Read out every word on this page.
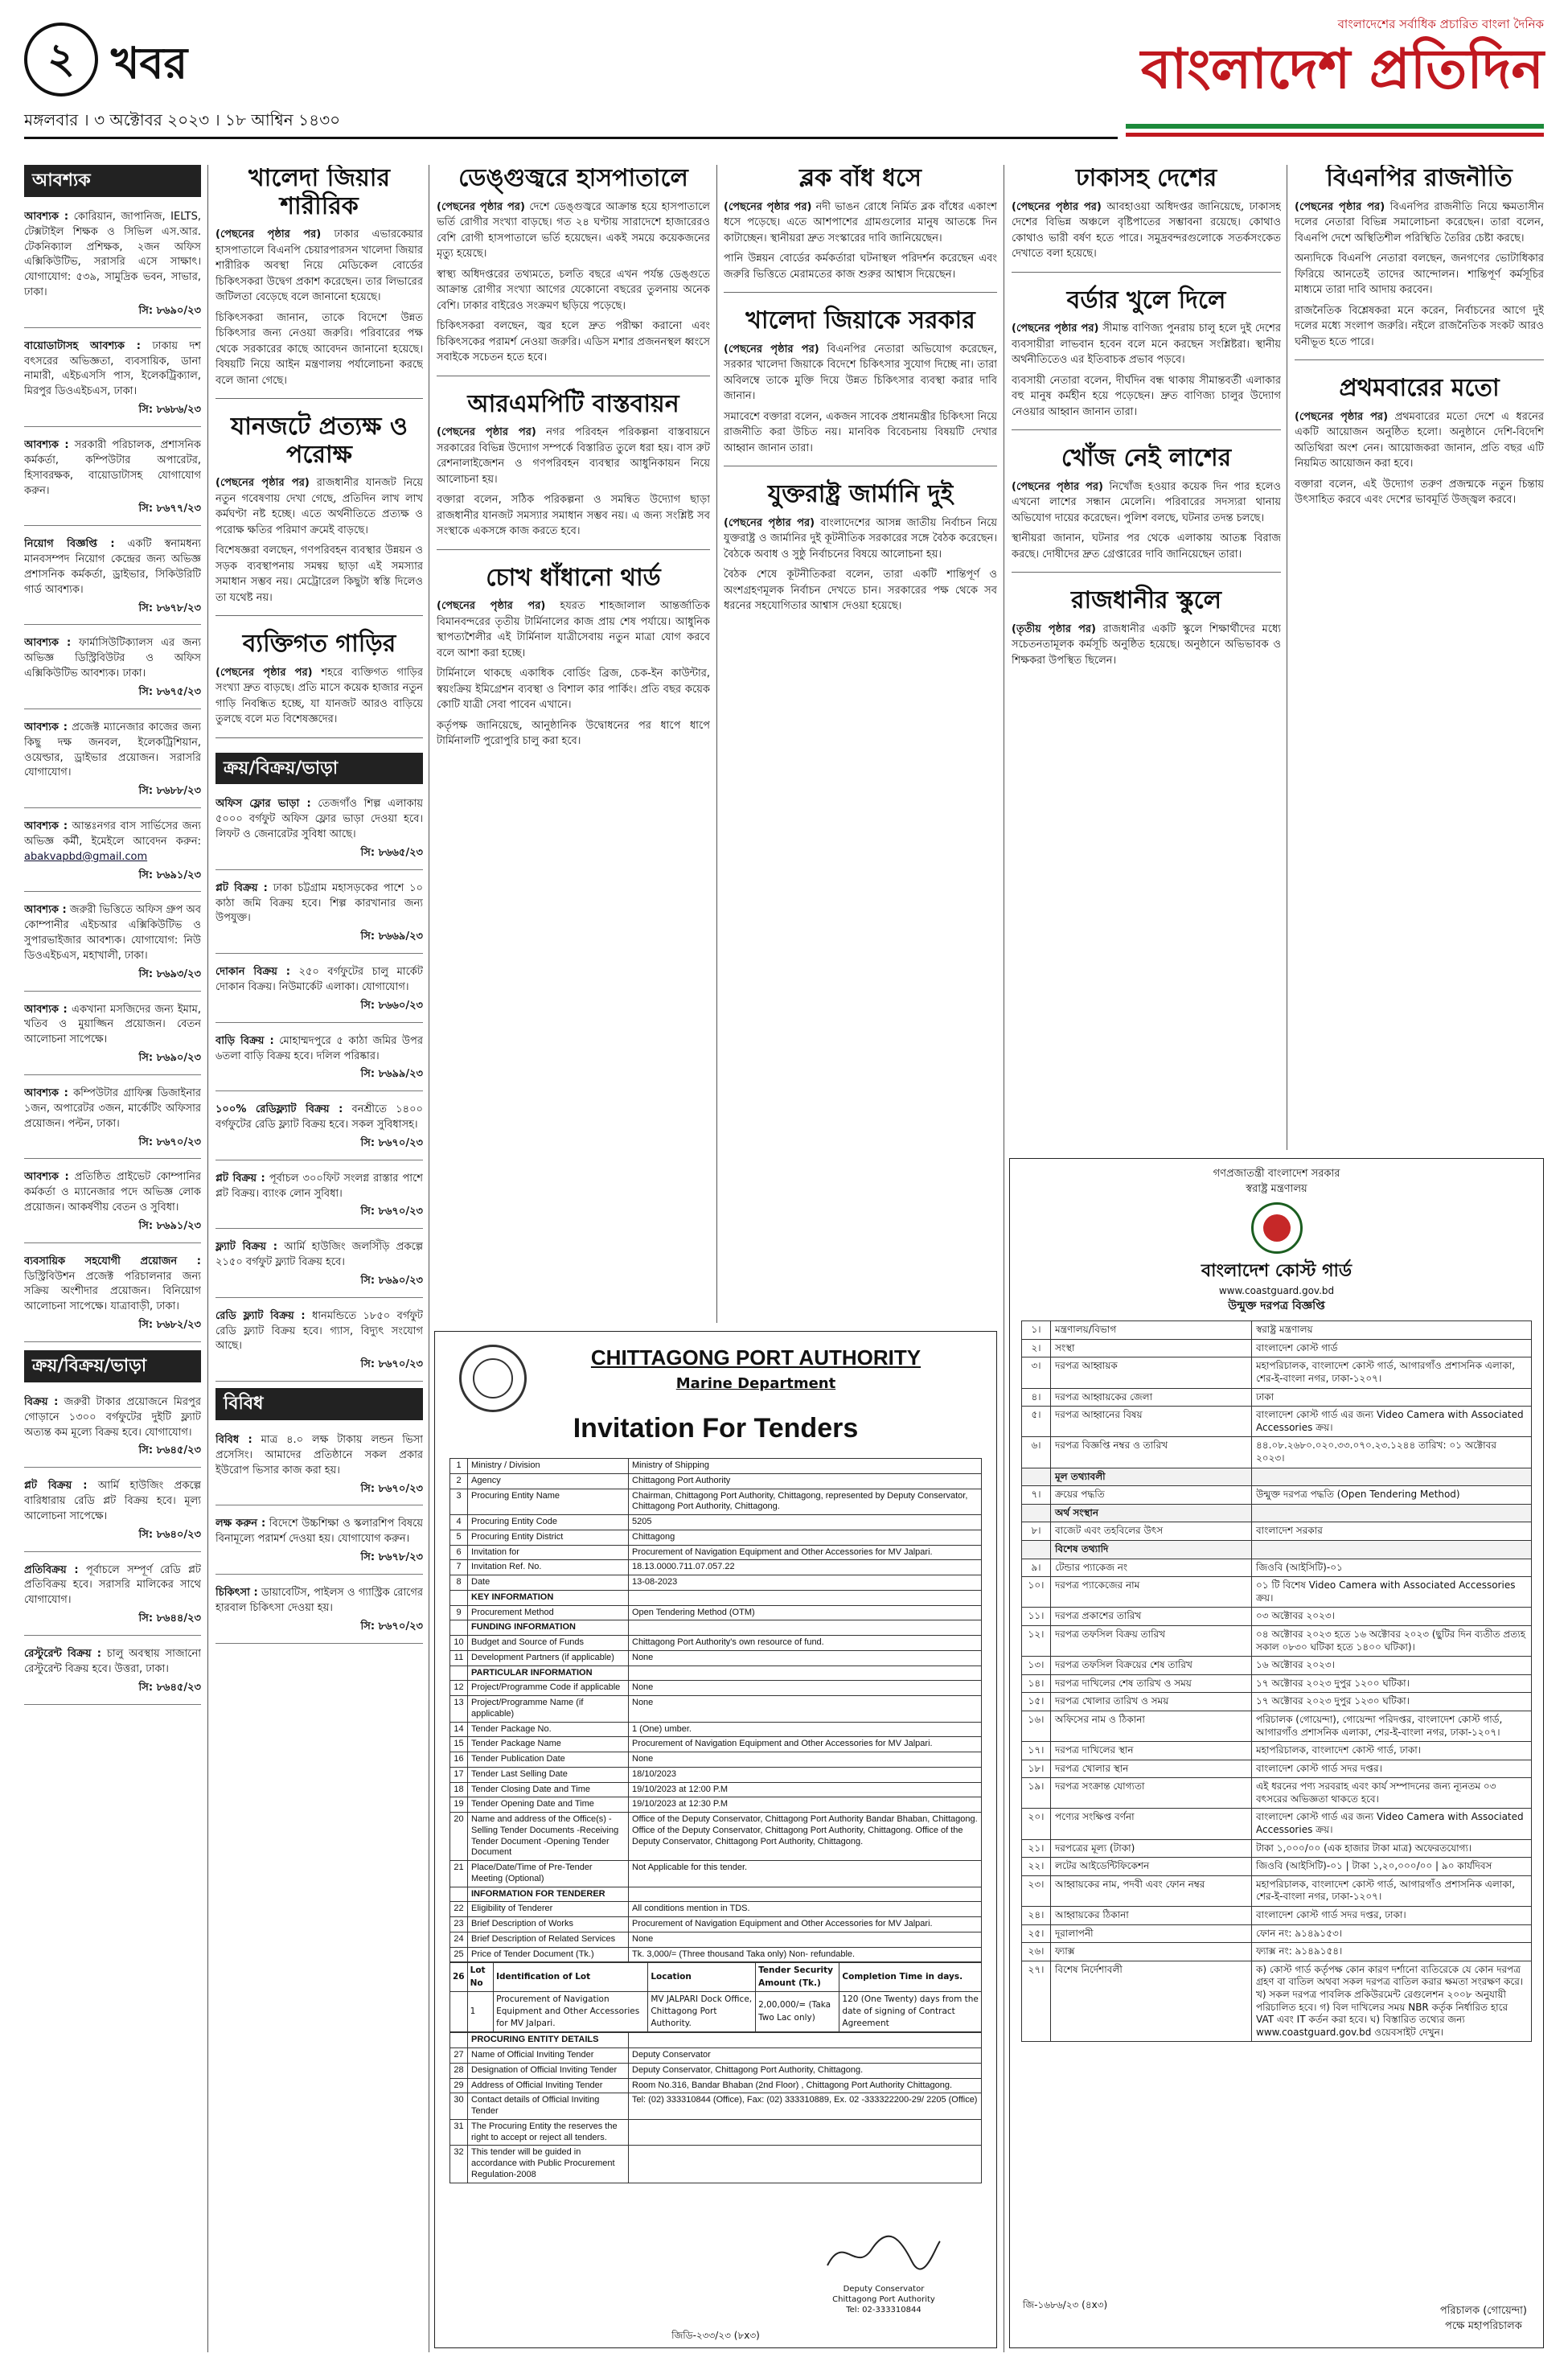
২ খবর
মঙ্গলবার । ৩ অক্টোবর ২০২৩ । ১৮ আশ্বিন ১৪৩০
বাংলাদেশের সর্বাধিক প্রচারিত বাংলা দৈনিক
বাংলাদেশ প্রতিদিন
আবশ্যক
আবশ্যক : কোরিয়ান, জাপানিজ, IELTS, টেক্সটাইল শিক্ষক ও সিভিল এস.আর. টেকনিক্যাল প্রশিক্ষক, ২জন অফিস এক্সিকিউটিভ, সরাসরি এসে সাক্ষাৎ। যোগাযোগ: ৫৩৯, সামুদ্রিক ভবন, সাভার, ঢাকা।
সি: ৮৬৯০/২৩
বায়োডাটাসহ আবশ্যক : ঢাকায় দশ বৎসরের অভিজ্ঞতা, ব্যবসায়িক, ডানা নামারী, এইচএসসি পাস, ইলেকট্রিক্যাল, মিরপুর ডিওএইচএস, ঢাকা।
সি: ৮৬৮৬/২৩
আবশ্যক : সরকারী পরিচালক, প্রশাসনিক কর্মকর্তা, কম্পিউটার অপারেটর, হিসাবরক্ষক, বায়োডাটাসহ যোগাযোগ করুন।
সি: ৮৬৭৭/২৩
নিয়োগ বিজ্ঞপ্তি : একটি স্বনামধন্য মানবসম্পদ নিয়োগ কেন্দ্রের জন্য অভিজ্ঞ প্রশাসনিক কর্মকর্তা, ড্রাইভার, সিকিউরিটি গার্ড আবশ্যক।
সি: ৮৬৭৮/২৩
আবশ্যক : ফার্মাসিউটিক্যালস এর জন্য অভিজ্ঞ ডিস্ট্রিবিউটর ও অফিস এক্সিকিউটিভ আবশ্যক। ঢাকা।
সি: ৮৬৭৫/২৩
আবশ্যক : প্রজেক্ট ম্যানেজার কাজের জন্য কিছু দক্ষ জনবল, ইলেকট্রিশিয়ান, ওয়েল্ডার, ড্রাইভার প্রয়োজন। সরাসরি যোগাযোগ।
সি: ৮৬৮৮/২৩
আবশ্যক : আন্তঃনগর বাস সার্ভিসের জন্য অভিজ্ঞ কর্মী, ইমেইলে আবেদন করুন: abakvapbd@gmail.com
সি: ৮৬৯১/২৩
আবশ্যক : জরুরী ভিত্তিতে অফিস গ্রুপ অব কোম্পানীর এইচআর এক্সিকিউটিভ ও সুপারভাইজার আবশ্যক। যোগাযোগ: নিউ ডিওএইচএস, মহাখালী, ঢাকা।
সি: ৮৬৯৩/২৩
আবশ্যক : একখানা মসজিদের জন্য ইমাম, খতিব ও মুয়াজ্জিন প্রয়োজন। বেতন আলোচনা সাপেক্ষে।
সি: ৮৬৯০/২৩
আবশ্যক : কম্পিউটার গ্রাফিক্স ডিজাইনার ১জন, অপারেটর ৩জন, মার্কেটিং অফিসার প্রয়োজন। পল্টন, ঢাকা।
সি: ৮৬৭০/২৩
আবশ্যক : প্রতিষ্ঠিত প্রাইভেট কোম্পানির কর্মকর্তা ও ম্যানেজার পদে অভিজ্ঞ লোক প্রয়োজন। আকর্ষণীয় বেতন ও সুবিধা।
সি: ৮৬৯১/২৩
ব্যবসায়িক সহযোগী প্রয়োজন : ডিস্ট্রিবিউশন প্রজেক্ট পরিচালনার জন্য সক্রিয় অংশীদার প্রয়োজন। বিনিয়োগ আলোচনা সাপেক্ষে। যাত্রাবাড়ী, ঢাকা।
সি: ৮৬৮২/২৩
ক্রয়/বিক্রয়/ভাড়া
বিক্রয় : জরুরী টাকার প্রয়োজনে মিরপুর গোড়ানে ১৩০০ বর্গফুটের দুইটি ফ্ল্যাট অত্যন্ত কম মূল্যে বিক্রয় হবে। যোগাযোগ।
সি: ৮৬৪৫/২৩
প্লট বিক্রয় : আর্মি হাউজিং প্রকল্পে বারিধারায় রেডি প্লট বিক্রয় হবে। মূল্য আলোচনা সাপেক্ষে।
সি: ৮৬৪০/২৩
প্রতিবিক্রয় : পূর্বাচলে সম্পূর্ণ রেডি প্লট প্রতিবিক্রয় হবে। সরাসরি মালিকের সাথে যোগাযোগ।
সি: ৮৬৪৪/২৩
রেস্টুরেন্ট বিক্রয় : চালু অবস্থায় সাজানো রেস্টুরেন্ট বিক্রয় হবে। উত্তরা, ঢাকা।
সি: ৮৬৪৫/২৩
খালেদা জিয়ার শারীরিক

(পেছনের পৃষ্ঠার পর) ঢাকার এভারকেয়ার হাসপাতালে বিএনপি চেয়ারপারসন খালেদা জিয়ার শারীরিক অবস্থা নিয়ে মেডিকেল বোর্ডের চিকিৎসকরা উদ্বেগ প্রকাশ করেছেন। তার লিভারের জটিলতা বেড়েছে বলে জানানো হয়েছে।

চিকিৎসকরা জানান, তাকে বিদেশে উন্নত চিকিৎসার জন্য নেওয়া জরুরি। পরিবারের পক্ষ থেকে সরকারের কাছে আবেদন জানানো হয়েছে। বিষয়টি নিয়ে আইন মন্ত্রণালয় পর্যালোচনা করছে বলে জানা গেছে।

যানজটে প্রত্যক্ষ ও পরোক্ষ

(পেছনের পৃষ্ঠার পর) রাজধানীর যানজট নিয়ে নতুন গবেষণায় দেখা গেছে, প্রতিদিন লাখ লাখ কর্মঘণ্টা নষ্ট হচ্ছে। এতে অর্থনীতিতে প্রত্যক্ষ ও পরোক্ষ ক্ষতির পরিমাণ ক্রমেই বাড়ছে।

বিশেষজ্ঞরা বলছেন, গণপরিবহন ব্যবস্থার উন্নয়ন ও সড়ক ব্যবস্থাপনায় সমন্বয় ছাড়া এই সমস্যার সমাধান সম্ভব নয়। মেট্রোরেল কিছুটা স্বস্তি দিলেও তা যথেষ্ট নয়।

ব্যক্তিগত গাড়ির

(পেছনের পৃষ্ঠার পর) শহরে ব্যক্তিগত গাড়ির সংখ্যা দ্রুত বাড়ছে। প্রতি মাসে কয়েক হাজার নতুন গাড়ি নিবন্ধিত হচ্ছে, যা যানজট আরও বাড়িয়ে তুলছে বলে মত বিশেষজ্ঞদের।

ক্রয়/বিক্রয়/ভাড়া
অফিস ফ্লোর ভাড়া : তেজগাঁও শিল্প এলাকায় ৫০০০ বর্গফুট অফিস ফ্লোর ভাড়া দেওয়া হবে। লিফট ও জেনারেটর সুবিধা আছে।
সি: ৮৬৬৫/২৩
প্লট বিক্রয় : ঢাকা চট্টগ্রাম মহাসড়কের পাশে ১০ কাঠা জমি বিক্রয় হবে। শিল্প কারখানার জন্য উপযুক্ত।
সি: ৮৬৬৯/২৩
দোকান বিক্রয় : ২৫০ বর্গফুটের চালু মার্কেট দোকান বিক্রয়। নিউমার্কেট এলাকা। যোগাযোগ।
সি: ৮৬৬০/২৩
বাড়ি বিক্রয় : মোহাম্মদপুরে ৫ কাঠা জমির উপর ৬তলা বাড়ি বিক্রয় হবে। দলিল পরিষ্কার।
সি: ৮৬৯৯/২৩
১০০% রেডিফ্ল্যাট বিক্রয় : বনশ্রীতে ১৪০০ বর্গফুটের রেডি ফ্ল্যাট বিক্রয় হবে। সকল সুবিধাসহ।
সি: ৮৬৭০/২৩
প্লট বিক্রয় : পূর্বাচল ৩০০ফিট সংলগ্ন রাস্তার পাশে প্লট বিক্রয়। ব্যাংক লোন সুবিধা।
সি: ৮৬৭০/২৩
ফ্ল্যাট বিক্রয় : আর্মি হাউজিং জলসিঁড়ি প্রকল্পে ২১৫০ বর্গফুট ফ্ল্যাট বিক্রয় হবে।
সি: ৮৬৯০/২৩
রেডি ফ্ল্যাট বিক্রয় : ধানমন্ডিতে ১৮৫০ বর্গফুট রেডি ফ্ল্যাট বিক্রয় হবে। গ্যাস, বিদ্যুৎ সংযোগ আছে।
সি: ৮৬৭০/২৩
বিবিধ
বিবিধ : মাত্র ৪.০ লক্ষ টাকায় লন্ডন ভিসা প্রসেসিং। আমাদের প্রতিষ্ঠানে সকল প্রকার ইউরোপ ভিসার কাজ করা হয়।
সি: ৮৬৭০/২৩
লক্ষ করুন : বিদেশে উচ্চশিক্ষা ও স্কলারশিপ বিষয়ে বিনামূল্যে পরামর্শ দেওয়া হয়। যোগাযোগ করুন।
সি: ৮৬৭৮/২৩
চিকিৎসা : ডায়াবেটিস, পাইলস ও গ্যাস্ট্রিক রোগের হারবাল চিকিৎসা দেওয়া হয়।
সি: ৮৬৭০/২৩
ডেঙ্গুজ্বরে হাসপাতালে

(পেছনের পৃষ্ঠার পর) দেশে ডেঙ্গুজ্বরে আক্রান্ত হয়ে হাসপাতালে ভর্তি রোগীর সংখ্যা বাড়ছে। গত ২৪ ঘণ্টায় সারাদেশে হাজারেরও বেশি রোগী হাসপাতালে ভর্তি হয়েছেন। একই সময়ে কয়েকজনের মৃত্যু হয়েছে।

স্বাস্থ্য অধিদপ্তরের তথ্যমতে, চলতি বছরে এখন পর্যন্ত ডেঙ্গুতে আক্রান্ত রোগীর সংখ্যা আগের যেকোনো বছরের তুলনায় অনেক বেশি। ঢাকার বাইরেও সংক্রমণ ছড়িয়ে পড়েছে।

চিকিৎসকরা বলছেন, জ্বর হলে দ্রুত পরীক্ষা করানো এবং চিকিৎসকের পরামর্শ নেওয়া জরুরি। এডিস মশার প্রজননস্থল ধ্বংসে সবাইকে সচেতন হতে হবে।

আরএমপিটি বাস্তবায়ন

(পেছনের পৃষ্ঠার পর) নগর পরিবহন পরিকল্পনা বাস্তবায়নে সরকারের বিভিন্ন উদ্যোগ সম্পর্কে বিস্তারিত তুলে ধরা হয়। বাস রুট রেশনালাইজেশন ও গণপরিবহন ব্যবস্থার আধুনিকায়ন নিয়ে আলোচনা হয়।

বক্তারা বলেন, সঠিক পরিকল্পনা ও সমন্বিত উদ্যোগ ছাড়া রাজধানীর যানজট সমস্যার সমাধান সম্ভব নয়। এ জন্য সংশ্লিষ্ট সব সংস্থাকে একসঙ্গে কাজ করতে হবে।

চোখ ধাঁধানো থার্ড

(পেছনের পৃষ্ঠার পর) হযরত শাহজালাল আন্তর্জাতিক বিমানবন্দরের তৃতীয় টার্মিনালের কাজ প্রায় শেষ পর্যায়ে। আধুনিক স্থাপত্যশৈলীর এই টার্মিনাল যাত্রীসেবায় নতুন মাত্রা যোগ করবে বলে আশা করা হচ্ছে।

টার্মিনালে থাকছে একাধিক বোর্ডিং ব্রিজ, চেক-ইন কাউন্টার, স্বয়ংক্রিয় ইমিগ্রেশন ব্যবস্থা ও বিশাল কার পার্কিং। প্রতি বছর কয়েক কোটি যাত্রী সেবা পাবেন এখানে।

কর্তৃপক্ষ জানিয়েছে, আনুষ্ঠানিক উদ্বোধনের পর ধাপে ধাপে টার্মিনালটি পুরোপুরি চালু করা হবে।

ব্লক বাঁধ ধসে

(পেছনের পৃষ্ঠার পর) নদী ভাঙন রোধে নির্মিত ব্লক বাঁধের একাংশ ধসে পড়েছে। এতে আশপাশের গ্রামগুলোর মানুষ আতঙ্কে দিন কাটাচ্ছেন। স্থানীয়রা দ্রুত সংস্কারের দাবি জানিয়েছেন।

পানি উন্নয়ন বোর্ডের কর্মকর্তারা ঘটনাস্থল পরিদর্শন করেছেন এবং জরুরি ভিত্তিতে মেরামতের কাজ শুরুর আশ্বাস দিয়েছেন।

খালেদা জিয়াকে সরকার

(পেছনের পৃষ্ঠার পর) বিএনপির নেতারা অভিযোগ করেছেন, সরকার খালেদা জিয়াকে বিদেশে চিকিৎসার সুযোগ দিচ্ছে না। তারা অবিলম্বে তাকে মুক্তি দিয়ে উন্নত চিকিৎসার ব্যবস্থা করার দাবি জানান।

সমাবেশে বক্তারা বলেন, একজন সাবেক প্রধানমন্ত্রীর চিকিৎসা নিয়ে রাজনীতি করা উচিত নয়। মানবিক বিবেচনায় বিষয়টি দেখার আহ্বান জানান তারা।

যুক্তরাষ্ট্র জার্মানি দুই

(পেছনের পৃষ্ঠার পর) বাংলাদেশের আসন্ন জাতীয় নির্বাচন নিয়ে যুক্তরাষ্ট্র ও জার্মানির দুই কূটনীতিক সরকারের সঙ্গে বৈঠক করেছেন। বৈঠকে অবাধ ও সুষ্ঠু নির্বাচনের বিষয়ে আলোচনা হয়।

বৈঠক শেষে কূটনীতিকরা বলেন, তারা একটি শান্তিপূর্ণ ও অংশগ্রহণমূলক নির্বাচন দেখতে চান। সরকারের পক্ষ থেকে সব ধরনের সহযোগিতার আশ্বাস দেওয়া হয়েছে।

ঢাকাসহ দেশের

(পেছনের পৃষ্ঠার পর) আবহাওয়া অধিদপ্তর জানিয়েছে, ঢাকাসহ দেশের বিভিন্ন অঞ্চলে বৃষ্টিপাতের সম্ভাবনা রয়েছে। কোথাও কোথাও ভারী বর্ষণ হতে পারে। সমুদ্রবন্দরগুলোকে সতর্কসংকেত দেখাতে বলা হয়েছে।

বর্ডার খুলে দিলে

(পেছনের পৃষ্ঠার পর) সীমান্ত বাণিজ্য পুনরায় চালু হলে দুই দেশের ব্যবসায়ীরা লাভবান হবেন বলে মনে করছেন সংশ্লিষ্টরা। স্থানীয় অর্থনীতিতেও এর ইতিবাচক প্রভাব পড়বে।

ব্যবসায়ী নেতারা বলেন, দীর্ঘদিন বন্ধ থাকায় সীমান্তবর্তী এলাকার বহু মানুষ কর্মহীন হয়ে পড়েছেন। দ্রুত বাণিজ্য চালুর উদ্যোগ নেওয়ার আহ্বান জানান তারা।

খোঁজ নেই লাশের

(পেছনের পৃষ্ঠার পর) নিখোঁজ হওয়ার কয়েক দিন পার হলেও এখনো লাশের সন্ধান মেলেনি। পরিবারের সদস্যরা থানায় অভিযোগ দায়ের করেছেন। পুলিশ বলছে, ঘটনার তদন্ত চলছে।

স্থানীয়রা জানান, ঘটনার পর থেকে এলাকায় আতঙ্ক বিরাজ করছে। দোষীদের দ্রুত গ্রেপ্তারের দাবি জানিয়েছেন তারা।

রাজধানীর স্কুলে

(তৃতীয় পৃষ্ঠার পর) রাজধানীর একটি স্কুলে শিক্ষার্থীদের মধ্যে সচেতনতামূলক কর্মসূচি অনুষ্ঠিত হয়েছে। অনুষ্ঠানে অভিভাবক ও শিক্ষকরা উপস্থিত ছিলেন।

বিএনপির রাজনীতি

(পেছনের পৃষ্ঠার পর) বিএনপির রাজনীতি নিয়ে ক্ষমতাসীন দলের নেতারা বিভিন্ন সমালোচনা করেছেন। তারা বলেন, বিএনপি দেশে অস্থিতিশীল পরিস্থিতি তৈরির চেষ্টা করছে।

অন্যদিকে বিএনপি নেতারা বলছেন, জনগণের ভোটাধিকার ফিরিয়ে আনতেই তাদের আন্দোলন। শান্তিপূর্ণ কর্মসূচির মাধ্যমে তারা দাবি আদায় করবেন।

রাজনৈতিক বিশ্লেষকরা মনে করেন, নির্বাচনের আগে দুই দলের মধ্যে সংলাপ জরুরি। নইলে রাজনৈতিক সংকট আরও ঘনীভূত হতে পারে।

প্রথমবারের মতো

(পেছনের পৃষ্ঠার পর) প্রথমবারের মতো দেশে এ ধরনের একটি আয়োজন অনুষ্ঠিত হলো। অনুষ্ঠানে দেশি-বিদেশি অতিথিরা অংশ নেন। আয়োজকরা জানান, প্রতি বছর এটি নিয়মিত আয়োজন করা হবে।

বক্তারা বলেন, এই উদ্যোগ তরুণ প্রজন্মকে নতুন চিন্তায় উৎসাহিত করবে এবং দেশের ভাবমূর্তি উজ্জ্বল করবে।

CHITTAGONG PORT AUTHORITY
Marine Department
Invitation For Tenders
1	Ministry / Division	Ministry of Shipping
2	Agency	Chittagong Port Authority
3	Procuring Entity Name	Chairman, Chittagong Port Authority, Chittagong, represented by Deputy Conservator, Chittagong Port Authority, Chittagong.
4	Procuring Entity Code	5205
5	Procuring Entity District	Chittagong
6	Invitation for	Procurement of Navigation Equipment and Other Accessories for MV Jalpari.
7	Invitation Ref. No.	18.13.0000.711.07.057.22
8	Date	13-08-2023
	KEY INFORMATION	
9	Procurement Method	Open Tendering Method (OTM)
	FUNDING INFORMATION	
10	Budget and Source of Funds	Chittagong Port Authority's own resource of fund.
11	Development Partners (if applicable)	None
	PARTICULAR INFORMATION	
12	Project/Programme Code if applicable	None
13	Project/Programme Name (if applicable)	None
14	Tender Package No.	1 (One) umber.
15	Tender Package Name	Procurement of Navigation Equipment and Other Accessories for MV Jalpari.
16	Tender Publication Date	None
17	Tender Last Selling Date	18/10/2023
18	Tender Closing Date and Time	19/10/2023 at 12:00 P.M
19	Tender Opening Date and Time	19/10/2023 at 12:30 P.M
20	Name and address of the Office(s) -Selling Tender Documents -Receiving Tender Document -Opening Tender Document	Office of the Deputy Conservator, Chittagong Port Authority Bandar Bhaban, Chittagong. Office of the Deputy Conservator, Chittagong Port Authority, Chittagong. Office of the Deputy Conservator, Chittagong Port Authority, Chittagong.
21	Place/Date/Time of Pre-Tender Meeting (Optional)	Not Applicable for this tender.
	INFORMATION FOR TENDERER	
22	Eligibility of Tenderer	All conditions mention in TDS.
23	Brief Description of Works	Procurement of Navigation Equipment and Other Accessories for MV Jalpari.
24	Brief Description of Related Services	None
25	Price of Tender Document (Tk.)	Tk. 3,000/= (Three thousand Taka only) Non- refundable.
26	Lot No	Identification of Lot	Location	Tender Security Amount (Tk.)	Completion Time in days.
	1	Procurement of Navigation Equipment and Other Accessories for MV Jalpari.	MV JALPARI Dock Office, Chittagong Port Authority.	2,00,000/= (Taka Two Lac only)	120 (One Twenty) days from the date of signing of Contract Agreement
	PROCURING ENTITY DETAILS	
27	Name of Official Inviting Tender	Deputy Conservator
28	Designation of Official Inviting Tender	Deputy Conservator, Chittagong Port Authority, Chittagong.
29	Address of Official Inviting Tender	Room No.316, Bandar Bhaban (2nd Floor) , Chittagong Port Authority Chittagong.
30	Contact details of Official Inviting Tender	Tel: (02) 333310844 (Office), Fax: (02) 333310889, Ex. 02 -333322200-29/ 2205 (Office)
31	The Procuring Entity the reserves the right to accept or reject all tenders.	
32	This tender will be guided in accordance with Public Procurement Regulation-2008	
Deputy Conservator
Chittagong Port Authority
Tel: 02-333310844
জিডি-২৩৩/২৩ (৮x৩)
গণপ্রজাতন্ত্রী বাংলাদেশ সরকার
স্বরাষ্ট্র মন্ত্রণালয়
বাংলাদেশ কোস্ট গার্ড
www.coastguard.gov.bd
উন্মুক্ত দরপত্র বিজ্ঞপ্তি
১।	মন্ত্রণালয়/বিভাগ	স্বরাষ্ট্র মন্ত্রণালয়
২।	সংস্থা	বাংলাদেশ কোস্ট গার্ড
৩।	দরপত্র আহ্বায়ক	মহাপরিচালক, বাংলাদেশ কোস্ট গার্ড, আগারগাঁও প্রশাসনিক এলাকা, শের-ই-বাংলা নগর, ঢাকা-১২০৭।
৪।	দরপত্র আহ্বায়কের জেলা	ঢাকা
৫।	দরপত্র আহ্বানের বিষয়	বাংলাদেশ কোস্ট গার্ড এর জন্য Video Camera with Associated Accessories ক্রয়।
৬।	দরপত্র বিজ্ঞপ্তি নম্বর ও তারিখ	৪৪.০৮.২৬৮০.০২০.৩৩.০৭০.২৩.১২৪৪ তারিখ: ০১ অক্টোবর ২০২৩।
	মূল তথ্যাবলী	
৭।	ক্রয়ের পদ্ধতি	উন্মুক্ত দরপত্র পদ্ধতি (Open Tendering Method)
	অর্থ সংস্থান	
৮।	বাজেট এবং তহবিলের উৎস	বাংলাদেশ সরকার
	বিশেষ তথ্যাদি	
৯।	টেন্ডার প্যাকেজ নং	জিওবি (আইসিটি)-০১
১০।	দরপত্র প্যাকেজের নাম	০১ টি বিশেষ Video Camera with Associated Accessories ক্রয়।
১১।	দরপত্র প্রকাশের তারিখ	০৩ অক্টোবর ২০২৩।
১২।	দরপত্র তফসিল বিক্রয় তারিখ	০৪ অক্টোবর ২০২৩ হতে ১৬ অক্টোবর ২০২৩ (ছুটির দিন ব্যতীত প্রত্যহ সকাল ০৮৩০ ঘটিকা হতে ১৪০০ ঘটিকা)।
১৩।	দরপত্র তফসিল বিক্রয়ের শেষ তারিখ	১৬ অক্টোবর ২০২৩।
১৪।	দরপত্র দাখিলের শেষ তারিখ ও সময়	১৭ অক্টোবর ২০২৩ দুপুর ১২০০ ঘটিকা।
১৫।	দরপত্র খোলার তারিখ ও সময়	১৭ অক্টোবর ২০২৩ দুপুর ১২৩০ ঘটিকা।
১৬।	অফিসের নাম ও ঠিকানা	পরিচালক (গোয়েন্দা), গোয়েন্দা পরিদপ্তর, বাংলাদেশ কোস্ট গার্ড, আগারগাঁও প্রশাসনিক এলাকা, শের-ই-বাংলা নগর, ঢাকা-১২০৭।
১৭।	দরপত্র দাখিলের স্থান	মহাপরিচালক, বাংলাদেশ কোস্ট গার্ড, ঢাকা।
১৮।	দরপত্র খোলার স্থান	বাংলাদেশ কোস্ট গার্ড সদর দপ্তর।
১৯।	দরপত্র সংক্রান্ত যোগ্যতা	এই ধরনের পণ্য সরবরাহ এবং কার্য সম্পাদনের জন্য ন্যূনতম ০৩ বৎসরের অভিজ্ঞতা থাকতে হবে।
২০।	পণ্যের সংক্ষিপ্ত বর্ণনা	বাংলাদেশ কোস্ট গার্ড এর জন্য Video Camera with Associated Accessories ক্রয়।
২১।	দরপত্রের মূল্য (টাকা)	টাকা ১,০০০/০০ (এক হাজার টাকা মাত্র) অফেরতযোগ্য।
২২।	লটের আইডেন্টিফিকেশন	জিওবি (আইসিটি)-০১ | টাকা ১,২০,০০০/০০ | ৯০ কার্যদিবস
২৩।	আহ্বায়কের নাম, পদবী এবং ফোন নম্বর	মহাপরিচালক, বাংলাদেশ কোস্ট গার্ড, আগারগাঁও প্রশাসনিক এলাকা, শের-ই-বাংলা নগর, ঢাকা-১২০৭।
২৪।	আহ্বায়কের ঠিকানা	বাংলাদেশ কোস্ট গার্ড সদর দপ্তর, ঢাকা।
২৫।	দূরালাপনী	ফোন নং: ৯১৪৯১৫৩।
২৬।	ফ্যাক্স	ফ্যাক্স নং: ৯১৪৯১৫৪।
২৭।	বিশেষ নির্দেশাবলী	ক) কোস্ট গার্ড কর্তৃপক্ষ কোন কারণ দর্শানো ব্যতিরেকে যে কোন দরপত্র গ্রহণ বা বাতিল অথবা সকল দরপত্র বাতিল করার ক্ষমতা সংরক্ষণ করে। খ) সকল দরপত্র পাবলিক প্রকিউরমেন্ট রেগুলেশন ২০০৮ অনুযায়ী পরিচালিত হবে। গ) বিল দাখিলের সময় NBR কর্তৃক নির্ধারিত হারে VAT এবং IT কর্তন করা হবে। ঘ) বিস্তারিত তথ্যের জন্য www.coastguard.gov.bd ওয়েবসাইট দেখুন।
জি-১৬৮৬/২৩ (৪x৩)
পরিচালক (গোয়েন্দা)
পক্ষে মহাপরিচালক
